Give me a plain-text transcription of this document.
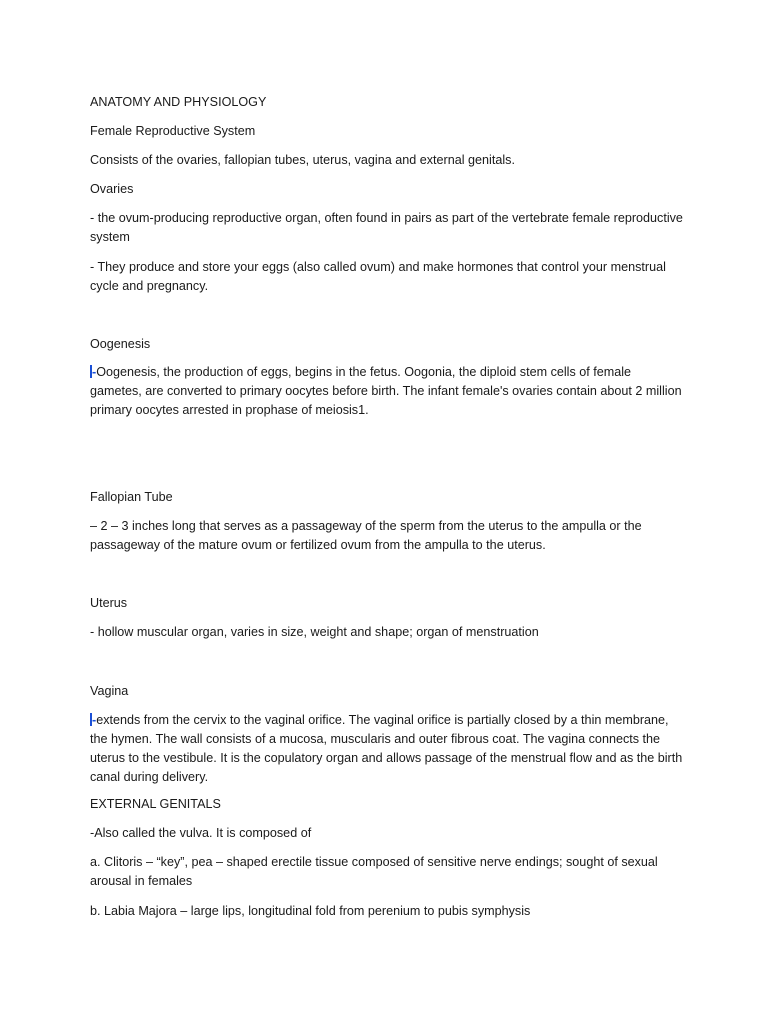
ANATOMY AND PHYSIOLOGY

Female Reproductive System

Consists of the ovaries, fallopian tubes, uterus, vagina and external genitals.

Ovaries

- the ovum-producing reproductive organ, often found in pairs as part of the vertebrate female reproductive system

- They produce and store your eggs (also called ovum) and make hormones that control your menstrual cycle and pregnancy.

Oogenesis

-Oogenesis, the production of eggs, begins in the fetus. Oogonia, the diploid stem cells of female gametes, are converted to primary oocytes before birth. The infant female's ovaries contain about 2 million primary oocytes arrested in prophase of meiosis1.

Fallopian Tube

– 2 – 3 inches long that serves as a passageway of the sperm from the uterus to the ampulla or the passageway of the mature ovum or fertilized ovum from the ampulla to the uterus.

Uterus

- hollow muscular organ, varies in size, weight and shape; organ of menstruation

Vagina

-extends from the cervix to the vaginal orifice. The vaginal orifice is partially closed by a thin membrane, the hymen. The wall consists of a mucosa, muscularis and outer fibrous coat. The vagina connects the uterus to the vestibule. It is the copulatory organ and allows passage of the menstrual flow and as the birth canal during delivery.

EXTERNAL GENITALS

-Also called the vulva. It is composed of

a. Clitoris – “key”, pea – shaped erectile tissue composed of sensitive nerve endings; sought of sexual arousal in females

b. Labia Majora – large lips, longitudinal fold from perenium to pubis symphysis
